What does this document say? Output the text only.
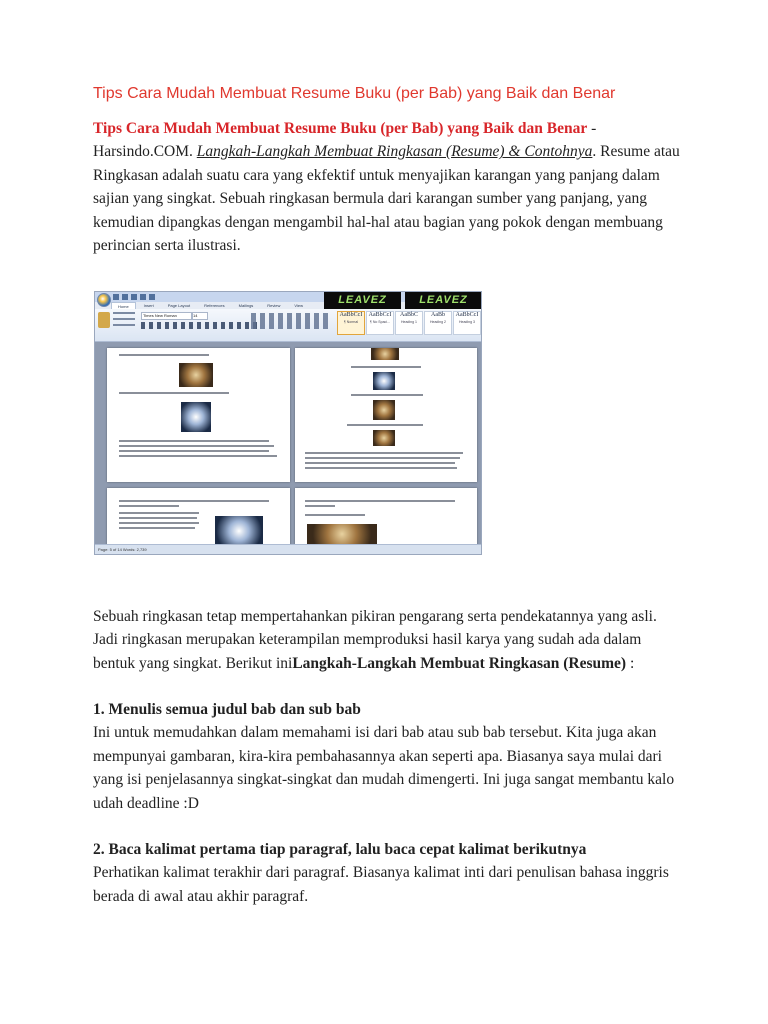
Tips Cara Mudah Membuat Resume Buku (per Bab) yang Baik dan Benar
Tips Cara Mudah Membuat Resume Buku (per Bab) yang Baik dan Benar - Harsindo.COM. Langkah-Langkah Membuat Ringkasan (Resume) & Contohnya. Resume atau Ringkasan adalah suatu cara yang ekfektif untuk menyajikan karangan yang panjang dalam sajian yang singkat. Sebuah ringkasan bermula dari karangan sumber yang panjang, yang kemudian dipangkas dengan mengambil hal-hal atau bagian yang pokok dengan membuang perincian serta ilustrasi.
LEAVEZ	LEAVEZ
Home	Insert	Page Layout	References	Mailings	Review	View
Times New Roman	14	AaBbCcI
¶ Normal
AaBbCcI
¶ No Spaci...
AaBbC
Heading 1
AaBb
Heading 2
AaBbCcI
Heading 3
Page: 5 of 14 Words: 2,739
Sebuah ringkasan tetap mempertahankan pikiran pengarang serta pendekatannya yang asli. Jadi ringkasan merupakan keterampilan memproduksi hasil karya yang sudah ada dalam bentuk yang singkat. Berikut iniLangkah-Langkah Membuat Ringkasan (Resume) :
1. Menulis semua judul bab dan sub bab
Ini untuk memudahkan dalam memahami isi dari bab atau sub bab tersebut. Kita juga akan mempunyai gambaran, kira-kira pembahasannya akan seperti apa. Biasanya saya mulai dari yang isi penjelasannya singkat-singkat dan mudah dimengerti. Ini juga sangat membantu kalo udah deadline :D
2. Baca kalimat pertama tiap paragraf, lalu baca cepat kalimat berikutnya
Perhatikan kalimat terakhir dari paragraf. Biasanya kalimat inti dari penulisan bahasa inggris berada di awal atau akhir paragraf.
